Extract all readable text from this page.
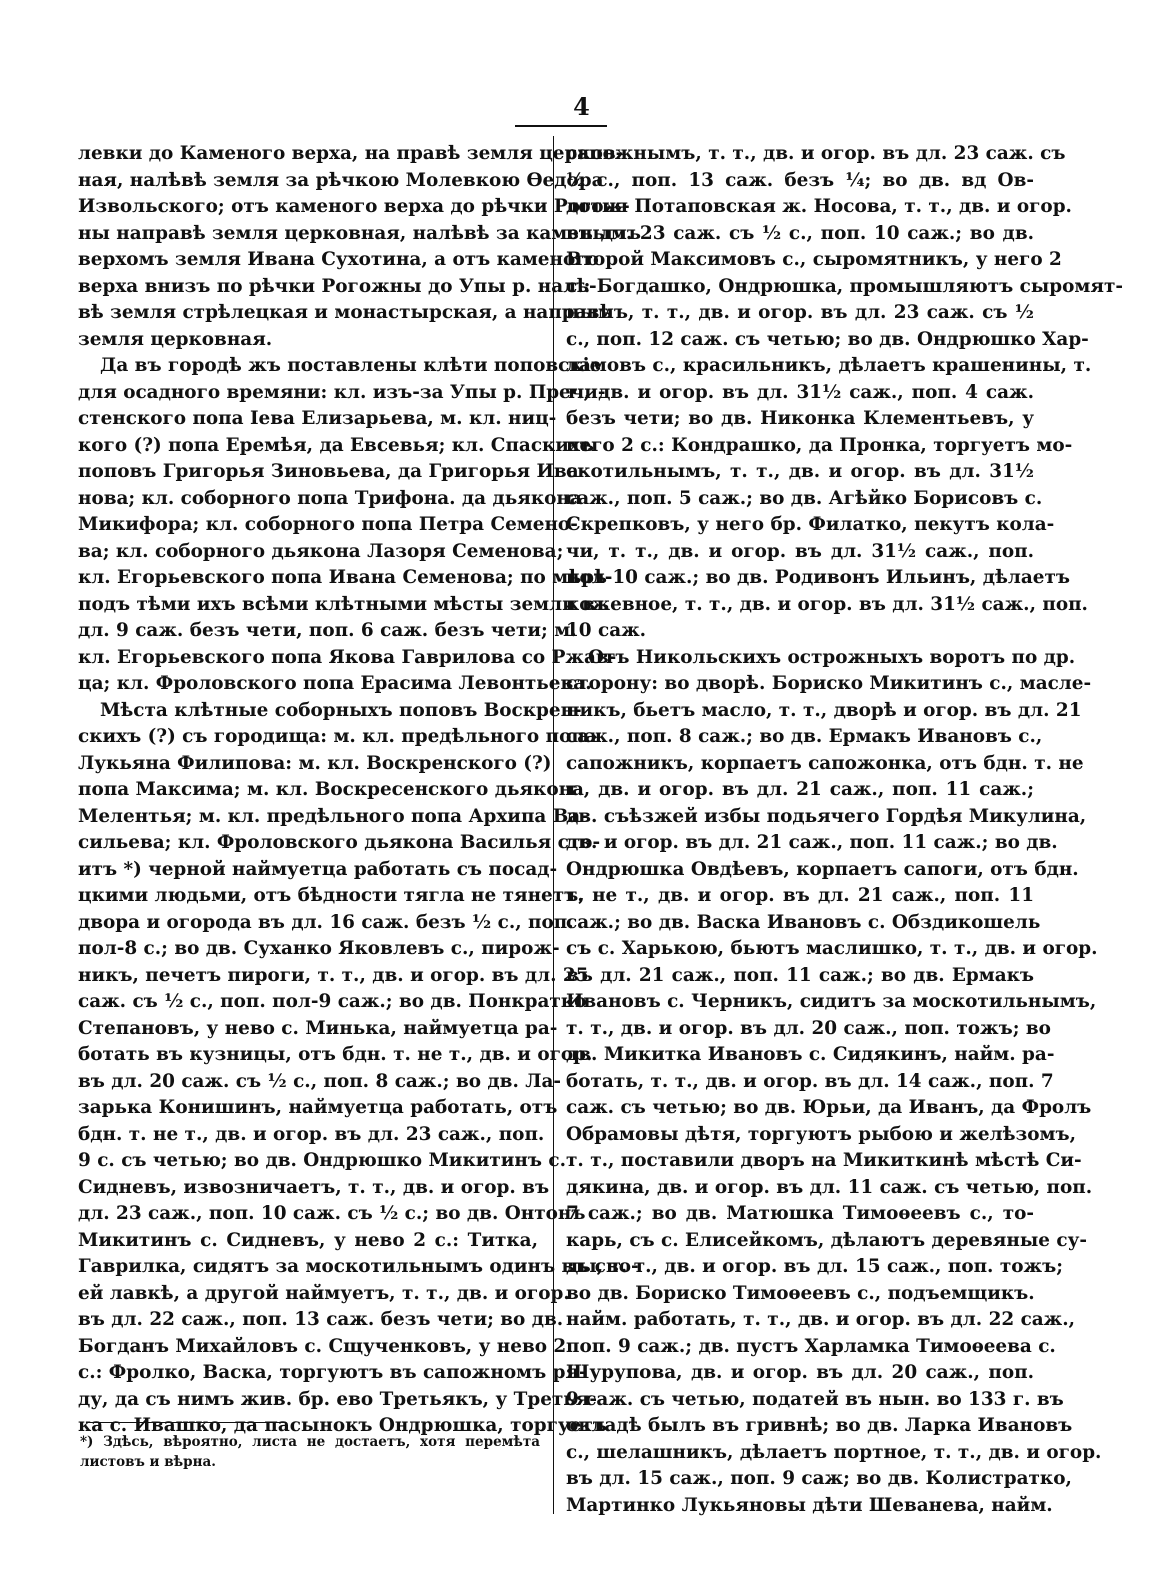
4
левки до Каменого верха, на правѣ земля церков-
ная, налѣвѣ земля за рѣчкою Молевкою Ѳедора
Извольского; отъ каменого верха до рѣчки Рогож-
ны направѣ земля церковная, налѣвѣ за каменымъ
верхомъ земля Ивана Сухотина, а отъ каменого
верха внизъ по рѣчки Рогожны до Упы р. налѣ-
вѣ земля стрѣлецкая и монастырская, а направѣ
земля церковная.
Да въ городѣ жъ поставлены клѣти поповскiе
для осадного времяни: кл. изъ-за Упы р. Пречи-
стенского попа Iева Елизарьева, м. кл. ниц-
кого (?) попа Еремѣя, да Евсевья; кл. Спаскихъ
поповъ Григорья Зиновьева, да Григорья Ива-
нова; кл. соборного попа Трифона. да дьякона
Микифора; кл. соборного попа Петра Семено-
ва; кл. соборного дьякона Лазоря Семенова;
кл. Егорьевского попа Ивана Семенова; по мѣрѣ
подъ тѣми ихъ всѣми клѣтными мѣсты земли въ
дл. 9 саж. безъ чети, поп. 6 саж. безъ чети; м.
кл. Егорьевского попа Якова Гаврилова со Ржав-
ца; кл. Фроловского попа Ерасима Левонтьева.
Мѣста клѣтные соборныхъ поповъ Воскрен-
скихъ (?) съ городища: м. кл. предѣльного попа
Лукьяна Филипова: м. кл. Воскренского (?)
попа Максима; м. кл. Воскресенского дьякона
Мелентья; м. кл. предѣльного попа Архипа Ва-
сильева; кл. Фроловского дьякона Василья сто-
итъ *) черной наймуетца работать съ посад-
цкими людьми, отъ бѣдности тягла не тянетъ,
двора и огорода въ дл. 16 саж. безъ ½ с., поп.
пол-8 с.; во дв. Суханко Яковлевъ с., пирож-
никъ, печетъ пироги, т. т., дв. и огор. въ дл. 25
саж. съ ½ с., поп. пол-9 саж.; во дв. Понкратко
Степановъ, у нево с. Минька, наймуетца ра-
ботать въ кузницы, отъ бдн. т. не т., дв. и огор.
въ дл. 20 саж. съ ½ с., поп. 8 саж.; во дв. Ла-
зарька Конишинъ, наймуетца работать, отъ
бдн. т. не т., дв. и огор. въ дл. 23 саж., поп.
9 с. съ четью; во дв. Ондрюшко Микитинъ с.
Сидневъ, извозничаетъ, т. т., дв. и огор. въ
дл. 23 саж., поп. 10 саж. съ ½ с.; во дв. Онтонъ
Микитинъ с. Сидневъ, у нево 2 с.: Титка,
Гаврилка, сидятъ за москотильнымъ одинъ въ сво-
ей лавкѣ, а другой наймуетъ, т. т., дв. и огор.
въ дл. 22 саж., поп. 13 саж. безъ чети; во дв.
Богданъ Михайловъ с. Сщученковъ, у нево 2
с.: Фролко, Васка, торгуютъ въ сапожномъ ря-
ду, да съ нимъ жив. бр. ево Третьякъ, у Третья-
ка с. Ивашко, да пасынокъ Ондрюшка, торгуетъ
сапожнымъ, т. т., дв. и огор. въ дл. 23 саж. съ
½ с., поп. 13 саж. безъ ¼; во дв. вд Ов-
дотья Потаповская ж. Носова, т. т., дв. и огор.
въ дл. 23 саж. съ ½ с., поп. 10 саж.; во дв.
Второй Максимовъ с., сыромятникъ, у него 2
с.: Богдашко, Ондрюшка, промышляютъ сыромят-
нымъ, т. т., дв. и огор. въ дл. 23 саж. съ ½
с., поп. 12 саж. съ четью; во дв. Ондрюшко Хар-
ламовъ с., красильникъ, дѣлаетъ крашенины, т.
т., дв. и огор. въ дл. 31½ саж., поп. 4 саж.
безъ чети; во дв. Никонка Клементьевъ, у
него 2 с.: Кондрашко, да Пронка, торгуетъ мо-
скотильнымъ, т. т., дв. и огор. въ дл. 31½
саж., поп. 5 саж.; во дв. Агѣйко Борисовъ с.
Скрепковъ, у него бр. Филатко, пекутъ кола-
чи, т. т., дв. и огор. въ дл. 31½ саж., поп.
пол-10 саж.; во дв. Родивонъ Ильинъ, дѣлаетъ
кожевное, т. т., дв. и огор. въ дл. 31½ саж., поп.
10 саж.
Отъ Никольскихъ острожныхъ воротъ по др.
сторону: во дворѣ. Бориско Микитинъ с., масле-
никъ, бьетъ масло, т. т., дворѣ и огор. въ дл. 21
саж., поп. 8 саж.; во дв. Ермакъ Ивановъ с.,
сапожникъ, корпаетъ сапожонка, отъ бдн. т. не
т., дв. и огор. въ дл. 21 саж., поп. 11 саж.;
дв. съѣзжей избы подьячего Гордѣя Микулина,
дв. и огор. въ дл. 21 саж., поп. 11 саж.; во дв.
Ондрюшка Овдѣевъ, корпаетъ сапоги, отъ бдн.
т. не т., дв. и огор. въ дл. 21 саж., поп. 11
саж.; во дв. Васка Ивановъ с. Обздикошель
съ с. Харькою, бьютъ маслишко, т. т., дв. и огор.
въ дл. 21 саж., поп. 11 саж.; во дв. Ермакъ
Ивановъ с. Черникъ, сидитъ за москотильнымъ,
т. т., дв. и огор. въ дл. 20 саж., поп. тожъ; во
дв. Микитка Ивановъ с. Сидякинъ, найм. ра-
ботать, т. т., дв. и огор. въ дл. 14 саж., поп. 7
саж. съ четью; во дв. Юрьи, да Иванъ, да Фролъ
Обрамовы дѣтя, торгуютъ рыбою и желѣзомъ,
т. т., поставили дворъ на Микиткинѣ мѣстѣ Си-
дякина, дв. и огор. въ дл. 11 саж. съ четью, поп.
7 саж.; во дв. Матюшка Тимоѳеевъ с., то-
карь, съ с. Елисейкомъ, дѣлаютъ деревяные су-
ды, т. т., дв. и огор. въ дл. 15 саж., поп. тожъ;
во дв. Бориско Тимоѳеевъ с., подъемщикъ.
найм. работать, т. т., дв. и огор. въ дл. 22 саж.,
поп. 9 саж.; дв. пустъ Харламка Тимоѳеева с.
Шурупова, дв. и огор. въ дл. 20 саж., поп.
9 саж. съ четью, податей въ нын. во 133 г. въ
окладѣ былъ въ гривнѣ; во дв. Ларка Ивановъ
с., шелашникъ, дѣлаетъ портное, т. т., дв. и огор.
въ дл. 15 саж., поп. 9 саж; во дв. Колистратко,
Мартинко Лукьяновы дѣти Шеванева, найм.
*) Здѣсь, вѣроятно, листа не достаетъ, хотя перемѣта
листовъ и вѣрна.
